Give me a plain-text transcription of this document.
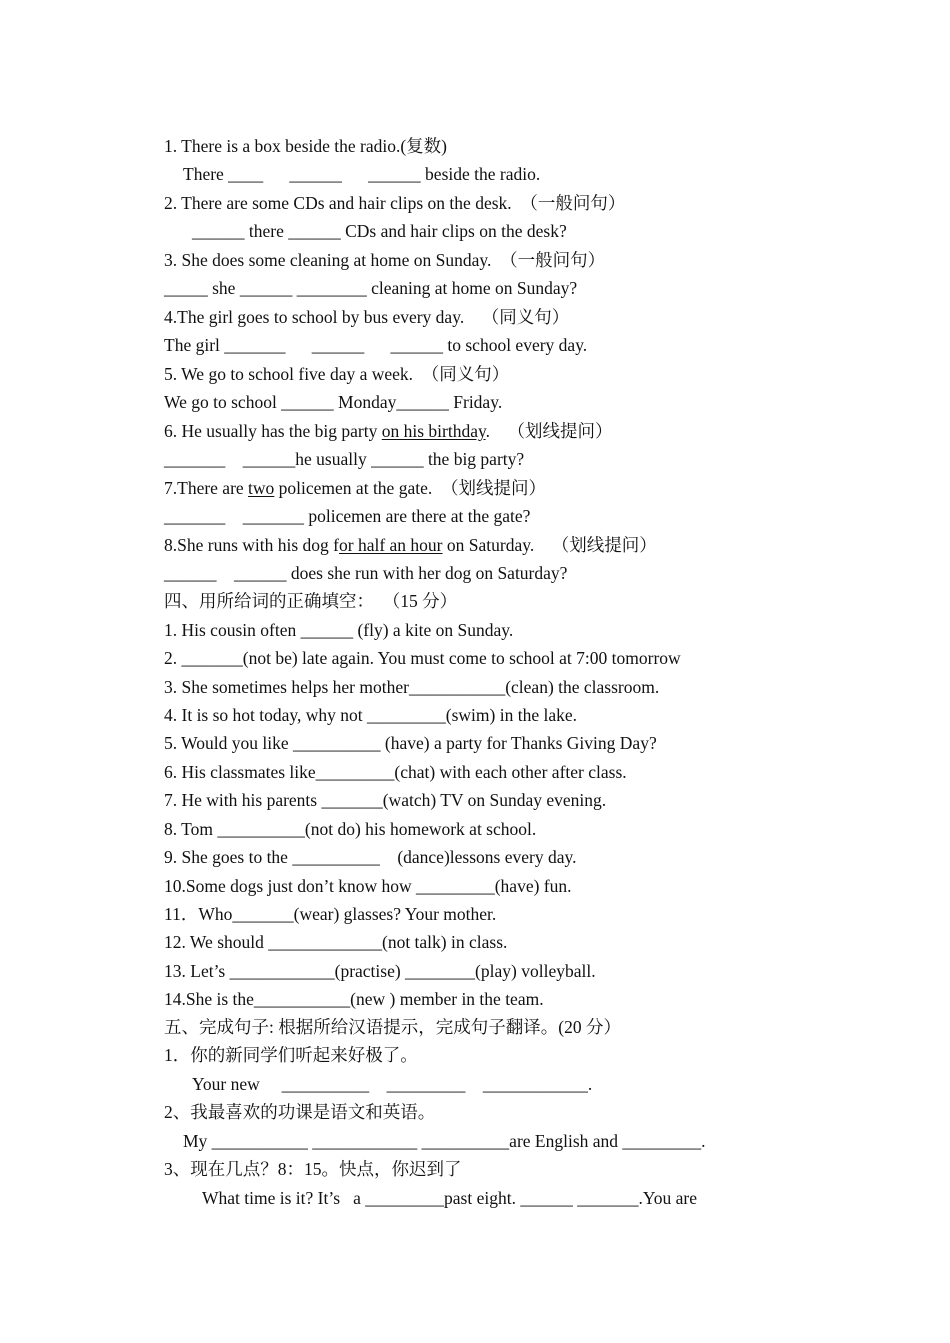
1. There is a box beside the radio.(复数)
There ____      ______      ______ beside the radio.
2. There are some CDs and hair clips on the desk.  （一般问句）
______ there ______ CDs and hair clips on the desk?
3. She does some cleaning at home on Sunday.  （一般问句）
_____ she ______ ________ cleaning at home on Sunday?
4.The girl goes to school by bus every day.    （同义句）
The girl _______      ______      ______ to school every day.
5. We go to school five day a week.  （同义句）
We go to school ______ Monday______ Friday.
6. He usually has the big party on his birthday.    （划线提问）
_______    ______he usually ______ the big party?
7.There are two policemen at the gate.  （划线提问）
_______    _______ policemen are there at the gate?
8.She runs with his dog for half an hour on Saturday.    （划线提问）
______    ______ does she run with her dog on Saturday?
四、用所给词的正确填空：  （15 分）
1. His cousin often ______ (fly) a kite on Sunday.
2. _______(not be) late again. You must come to school at 7:00 tomorrow
3. She sometimes helps her mother___________(clean) the classroom.
4. It is so hot today, why not _________(swim) in the lake.
5. Would you like __________ (have) a party for Thanks Giving Day?
6. His classmates like_________(chat) with each other after class.
7. He with his parents _______(watch) TV on Sunday evening.
8. Tom __________(not do) his homework at school.
9. She goes to the __________    (dance)lessons every day.
10.Some dogs just don’t know how _________(have) fun.
11．Who_______(wear) glasses? Your mother.
12. We should _____________(not talk) in class.
13. Let’s ____________(practise) ________(play) volleyball.
14.She is the___________(new ) member in the team.
五、完成句子: 根据所给汉语提示，完成句子翻译。(20 分）
1．你的新同学们听起来好极了。
Your new     __________    _________    ____________.
2、我最喜欢的功课是语文和英语。
My ___________ ____________ __________are English and _________.
3、现在几点？8：15。快点，你迟到了
What time is it? It’s   a _________past eight. ______ _______.You are
